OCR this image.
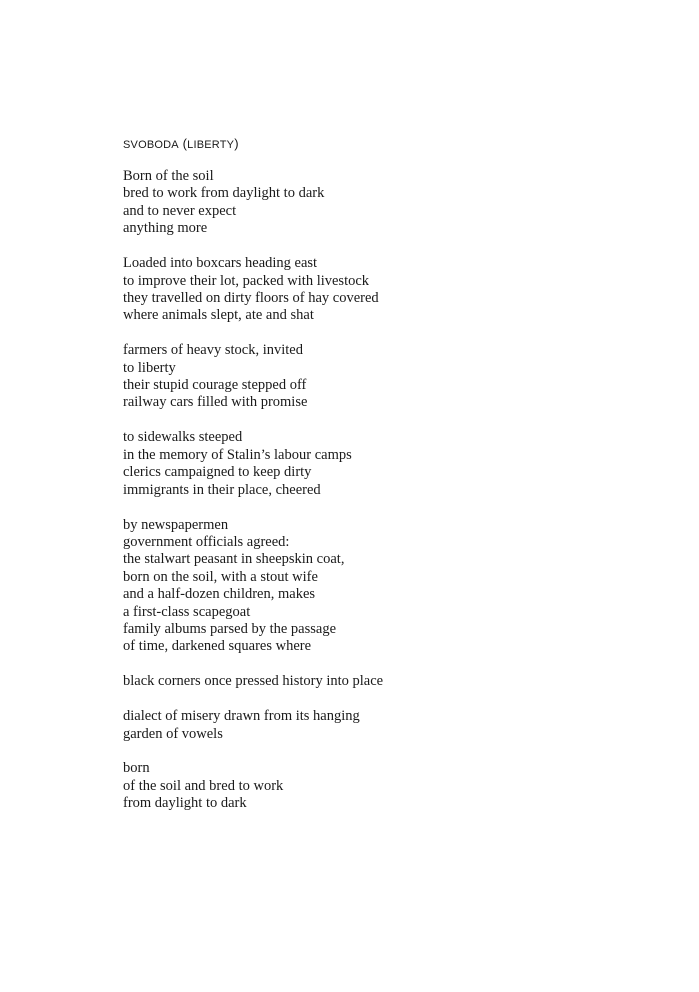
svoboda (liberty)
Born of the soil
bred to work from daylight to dark
and to never expect
anything more
Loaded into boxcars heading east
to improve their lot, packed with livestock
they travelled on dirty floors of hay covered
where animals slept, ate and shat
farmers of heavy stock, invited
to liberty
their stupid courage stepped off
railway cars filled with promise
to sidewalks steeped
in the memory of Stalin’s labour camps
clerics campaigned to keep dirty
immigrants in their place, cheered
by newspapermen
government officials agreed:
the stalwart peasant in sheepskin coat,
born on the soil, with a stout wife
and a half-dozen children, makes
a first-class scapegoat
family albums parsed by the passage
of time, darkened squares where
black corners once pressed history into place
dialect of misery drawn from its hanging
garden of vowels
born
of the soil and bred to work
from daylight to dark
